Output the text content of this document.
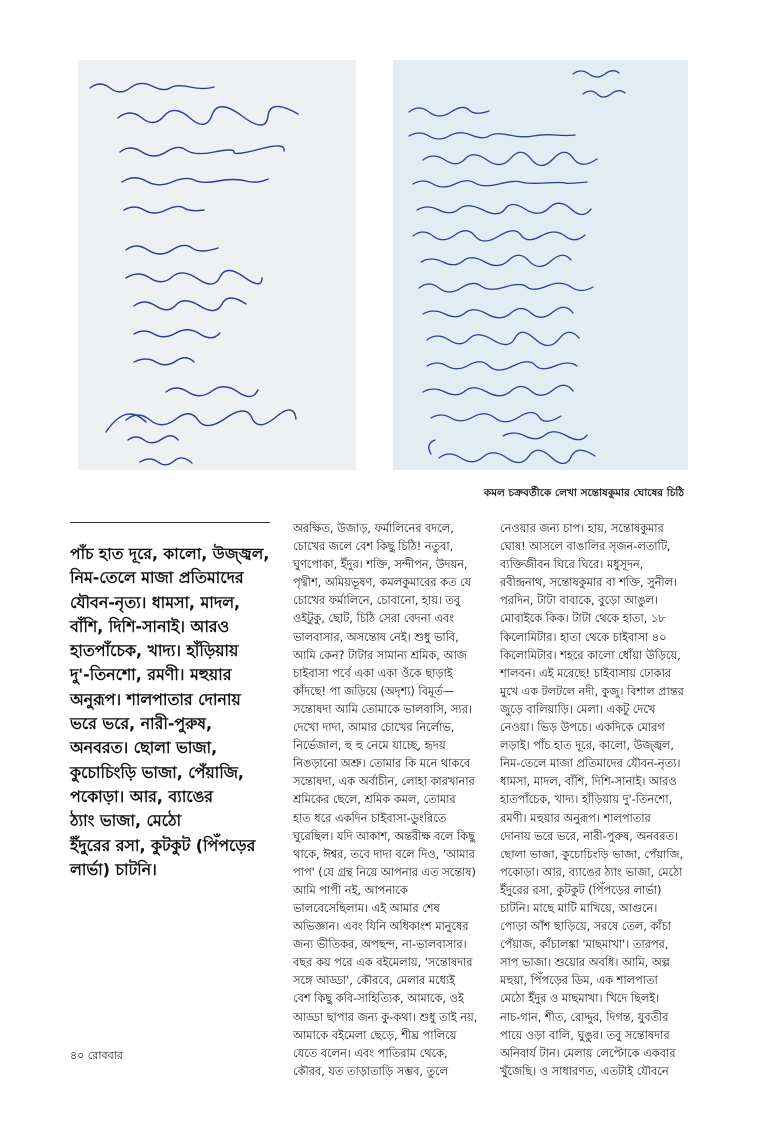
কমল চক্রবর্তীকে লেখা সন্তোষকুমার ঘোষের চিঠি
পাঁচ হাত দূরে, কালো, উজ্জ্বল,
নিম-তেলে মাজা প্রতিমাদের
যৌবন-নৃত্য। ধামসা, মাদল,
বাঁশি, দিশি-সানাই। আরও
হাতপাঁচেক, খাদ্য। হাঁড়িয়ায়
দু'-তিনশো, রমণী। মহুয়ার
অনুরূপ। শালপাতার দোনায়
ভরে ভরে, নারী-পুরুষ,
অনবরত। ছোলা ভাজা,
কুচোচিংড়ি ভাজা, পেঁয়াজি,
পকোড়া। আর, ব্যাঙের
ঠ্যাং ভাজা, মেঠো
ইঁদুরের রসা, কুটকুট (পিঁপড়ের
লার্ভা) চাটনি।
অরক্ষিত, উজাড়, ফর্মালিনের বদলে,
চোখের জলে বেশ কিছু চিঠি! নতুবা,
ঘুণপোকা, ইঁদুর। শক্তি, সন্দীপন, উদয়ন,
পৃথ্বীশ, অমিয়ভূষণ, কমলকুমারের কত যে
চোখের ফর্মালিনে, চোবানো, হায়। তবু
ওইটুকু, ছোট, চিঠি সেরা বেদনা এবং
ভালবাসার, অসন্তোষ নেই। শুধু ভাবি,
আমি কেন? টাটার সামান্য শ্রমিক, আজ
চাইবাসা পর্বে একা একা ওঁকে ছাড়াই
কাঁদছে! পা জড়িয়ে (অদৃশ্য) বিমূর্ত—
সন্তোষদা আমি তোমাকে ভালবাসি, স্যর।
দেখো দাদা, আমার চোখের নির্লোভ,
নির্ভেজাল, হু হু নেমে যাচ্ছে, হৃদয়
নিঙড়ানো অশ্রু। তোমার কি মনে থাকবে
সন্তোষদা, এক অর্বাচীন, লোহা কারখানার
শ্রমিকের ছেলে, শ্রমিক কমল, তোমার
হাত ধরে একদিন চাইবাসা-ডুংরিতে
ঘুরেছিল। যদি আকাশ, অন্তরীক্ষ বলে কিছু
থাকে, ঈশ্বর, তবে দাদা বলে দিও, 'আমার
পাপ' (যে গ্রন্থ নিয়ে আপনার এত সন্তোষ)
আমি পাপী নই, আপনাকে
ভালবেসেছিলাম। এই আমার শেষ
অভিজ্ঞান। এবং যিনি অধিকাংশ মানুষের
জন্য ভীতিকর, অপছন্দ, না-ভালবাসার।
বছর কয় পরে এক বইমেলায়, 'সন্তোষদার
সঙ্গে আড্ডা', কৌরবে, মেলার মধ্যেই
বেশ কিছু কবি-সাহিত্যিক, আমাকে, ওই
আড্ডা ছাপার জন্য কু-কথা। শুধু তাই নয়,
আমাকে বইমেলা ছেড়ে, শীঘ্র পালিয়ে
যেতে বলেন। এবং পাতিরাম থেকে,
কৌরব, যত তাড়াতাড়ি সম্ভব, তুলে
নেওয়ার জন্য চাপ। হায়, সন্তোষকুমার
ঘোষ! আসলে বাঙালির সৃজন-লতাটি,
ব্যক্তিজীবন ঘিরে ঘিরে। মধুসূদন,
রবীন্দ্রনাথ, সন্তোষকুমার বা শক্তি, সুনীল।
পরদিন, টাটা বাবাকে, বুড়ো আঙুল।
মোবাইকে কিক। টাটা থেকে হাতা, ১৮
কিলোমিটার। হাতা থেকে চাইবাসা ৪০
কিলোমিটার। শহরে কালো ধোঁয়া উড়িয়ে,
শালবন। এই মরেছে! চাইবাসায় ঢোকার
মুখে এক টলটলে নদী, কুজু। বিশাল প্রান্তর
জুড়ে বালিয়াড়ি। মেলা। একটু দেখে
নেওয়া। ভিড় উপচে। একদিকে মোরগ
লড়াই। পাঁচ হাত দূরে, কালো, উজ্জ্বল,
নিম-তেলে মাজা প্রতিমাদের যৌবন-নৃত্য।
ধামসা, মাদল, বাঁশি, দিশি-সানাই। আরও
হাতপাঁচেক, খাদ্য। হাঁড়িয়ায় দু'-তিনশো,
রমণী। মহুয়ার অনুরূপ। শালপাতার
দোনায় ভরে ভরে, নারী-পুরুষ, অনবরত।
ছোলা ভাজা, কুচোচিংড়ি ভাজা, পেঁয়াজি,
পকোড়া। আর, ব্যাঙের ঠ্যাং ভাজা, মেঠো
ইঁদুরের রসা, কুটকুট (পিঁপড়ের লার্ভা)
চাটনি। মাছে মাটি মাখিয়ে, আগুনে।
পোড়া আঁশ ছাড়িয়ে, সরষে তেল, কাঁচা
পেঁয়াজ, কাঁচালঙ্কা 'মাছমাখা'। তারপর,
সাপ ভাজা। শুয়োর অবধি। আমি, অল্প
মহুয়া, পিঁপড়ের ডিম, এক শালপাতা
মেঠো ইঁদুর ও মাছমাখা। খিদে ছিলই।
নাচ-গান, শীত, রোদ্দুর, দিগন্ত, যুবতীর
পায়ে ওড়া বালি, ঘুঙুর। তবু সন্তোষদার
অনিবার্য টান। মেলায় লেপ্টোকে একবার
খুঁজেছি। ও সাধারণত, এতটাই যৌবনে
৪০ রোববার
